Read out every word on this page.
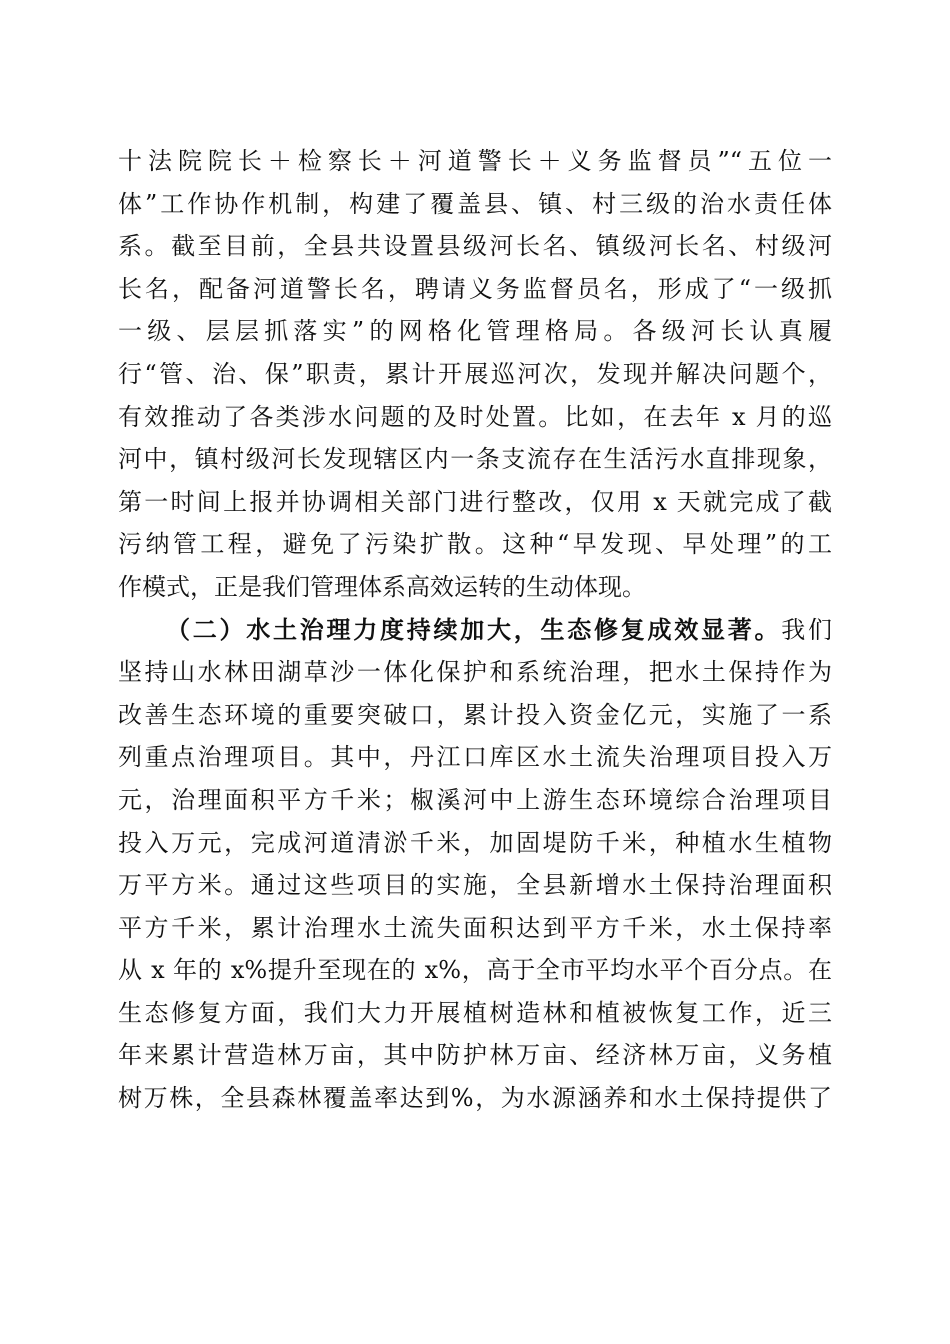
十法院院长＋检察长＋河道警长＋义务监督员”“五位一
体”工作协作机制，构建了覆盖县、镇、村三级的治水责任体
系。截至目前，全县共设置县级河长名、镇级河长名、村级河
长名，配备河道警长名，聘请义务监督员名，形成了“一级抓
一级、层层抓落实”的网格化管理格局。各级河长认真履
行“管、治、保”职责，累计开展巡河次，发现并解决问题个，
有效推动了各类涉水问题的及时处置。比如，在去年 x 月的巡
河中，镇村级河长发现辖区内一条支流存在生活污水直排现象，
第一时间上报并协调相关部门进行整改，仅用 x 天就完成了截
污纳管工程，避免了污染扩散。这种“早发现、早处理”的工
作模式，正是我们管理体系高效运转的生动体现。
（二）水土治理力度持续加大，生态修复成效显著。我们
坚持山水林田湖草沙一体化保护和系统治理，把水土保持作为
改善生态环境的重要突破口，累计投入资金亿元，实施了一系
列重点治理项目。其中，丹江口库区水土流失治理项目投入万
元，治理面积平方千米；椒溪河中上游生态环境综合治理项目
投入万元，完成河道清淤千米，加固堤防千米，种植水生植物
万平方米。通过这些项目的实施，全县新增水土保持治理面积
平方千米，累计治理水土流失面积达到平方千米，水土保持率
从 x 年的 x%提升至现在的 x%，高于全市平均水平个百分点。在
生态修复方面，我们大力开展植树造林和植被恢复工作，近三
年来累计营造林万亩，其中防护林万亩、经济林万亩，义务植
树万株，全县森林覆盖率达到%，为水源涵养和水土保持提供了
